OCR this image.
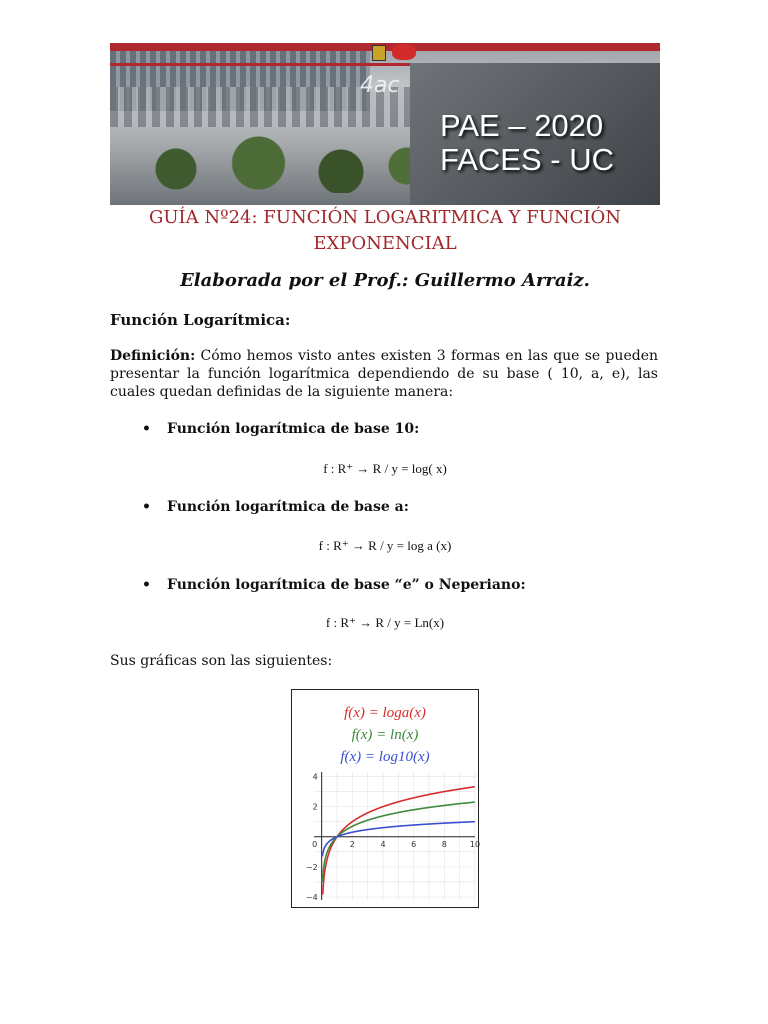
4ac
PAE – 2020
FACES - UC
GUÍA Nº24: FUNCIÓN LOGARITMICA Y FUNCIÓN
EXPONENCIAL
Elaborada por el Prof.: Guillermo Arraiz.
Función Logarítmica:
Definición: Cómo hemos visto antes existen 3 formas en las que se pueden presentar la función logarítmica dependiendo de su base ( 10, a, e), las cuales quedan definidas de la siguiente manera:
• Función logarítmica de base 10:
f : R⁺ → R / y = log( x)
• Función logarítmica de base a:
f : R⁺ → R / y = log a (x)
• Función logarítmica de base “e” o Neperiano:
f : R⁺ → R / y = Ln(x)
Sus gráficas son las siguientes:
f(x) = loga(x)
f(x) = ln(x)
f(x) = log10(x)
0	2	4	6	8	10
−4
−2
2
4
